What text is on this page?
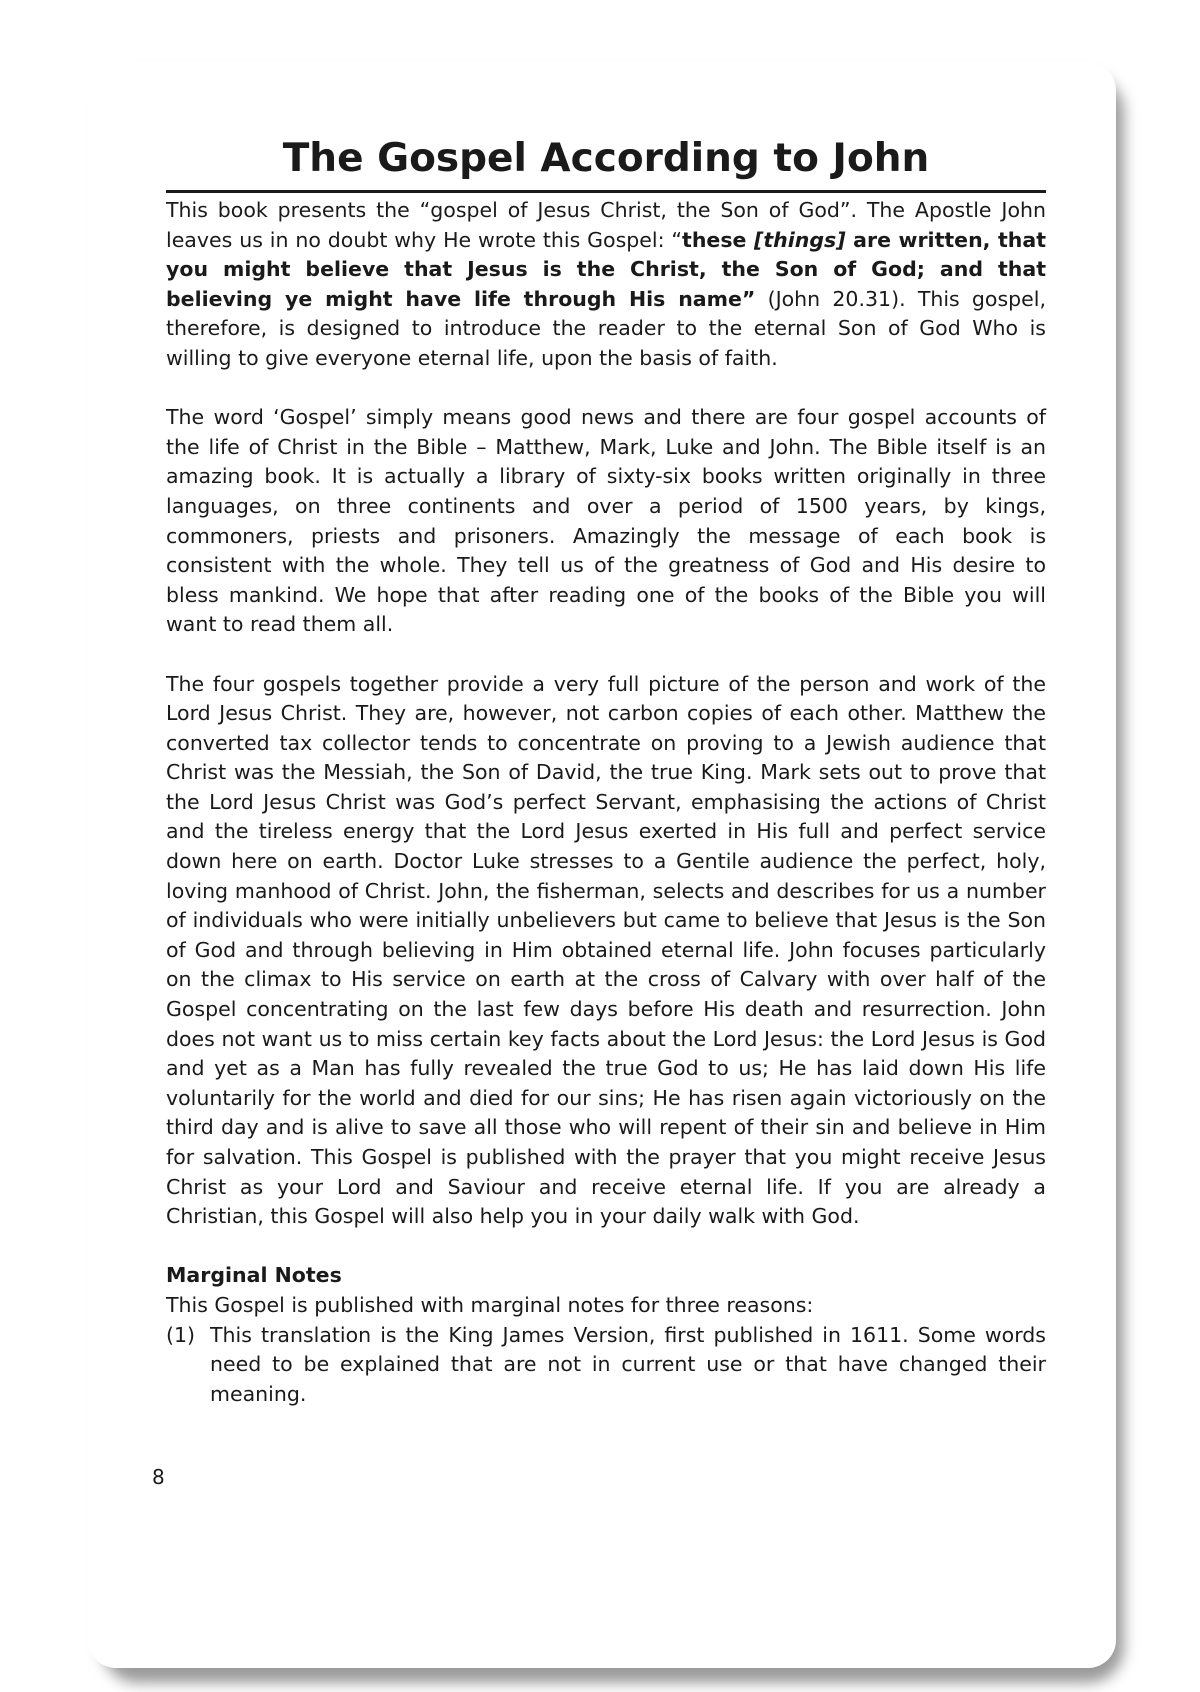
The Gospel According to John

This book presents the “gospel of Jesus Christ, the Son of God”. The Apostle John leaves us in no doubt why He wrote this Gospel: “these [things] are written, that you might believe that Jesus is the Christ, the Son of God; and that believing ye might have life through His name” (John 20.31). This gospel, therefore, is designed to introduce the reader to the eternal Son of God Who is willing to give everyone eternal life, upon the basis of faith.

The word ‘Gospel’ simply means good news and there are four gospel accounts of the life of Christ in the Bible – Matthew, Mark, Luke and John. The Bible itself is an amazing book. It is actually a library of sixty-six books written originally in three languages, on three continents and over a period of 1500 years, by kings, commoners, priests and prisoners. Amazingly the message of each book is consistent with the whole. They tell us of the greatness of God and His desire to bless mankind. We hope that after reading one of the books of the Bible you will want to read them all.

The four gospels together provide a very full picture of the person and work of the Lord Jesus Christ. They are, however, not carbon copies of each other. Matthew the converted tax collector tends to concentrate on proving to a Jewish audience that Christ was the Messiah, the Son of David, the true King. Mark sets out to prove that the Lord Jesus Christ was God’s perfect Servant, emphasising the actions of Christ and the tireless energy that the Lord Jesus exerted in His full and perfect service down here on earth. Doctor Luke stresses to a Gentile audience the perfect, holy, loving manhood of Christ. John, the fisherman, selects and describes for us a number of individuals who were initially unbelievers but came to believe that Jesus is the Son of God and through believing in Him obtained eternal life. John focuses particularly on the climax to His service on earth at the cross of Calvary with over half of the Gospel concentrating on the last few days before His death and resurrection. John does not want us to miss certain key facts about the Lord Jesus: the Lord Jesus is God and yet as a Man has fully revealed the true God to us; He has laid down His life voluntarily for the world and died for our sins; He has risen again victoriously on the third day and is alive to save all those who will repent of their sin and believe in Him for salvation. This Gospel is published with the prayer that you might receive Jesus Christ as your Lord and Saviour and receive eternal life. If you are already a Christian, this Gospel will also help you in your daily walk with God.

Marginal Notes

This Gospel is published with marginal notes for three reasons:

(1) This translation is the King James Version, first published in 1611. Some words need to be explained that are not in current use or that have changed their meaning.
8
